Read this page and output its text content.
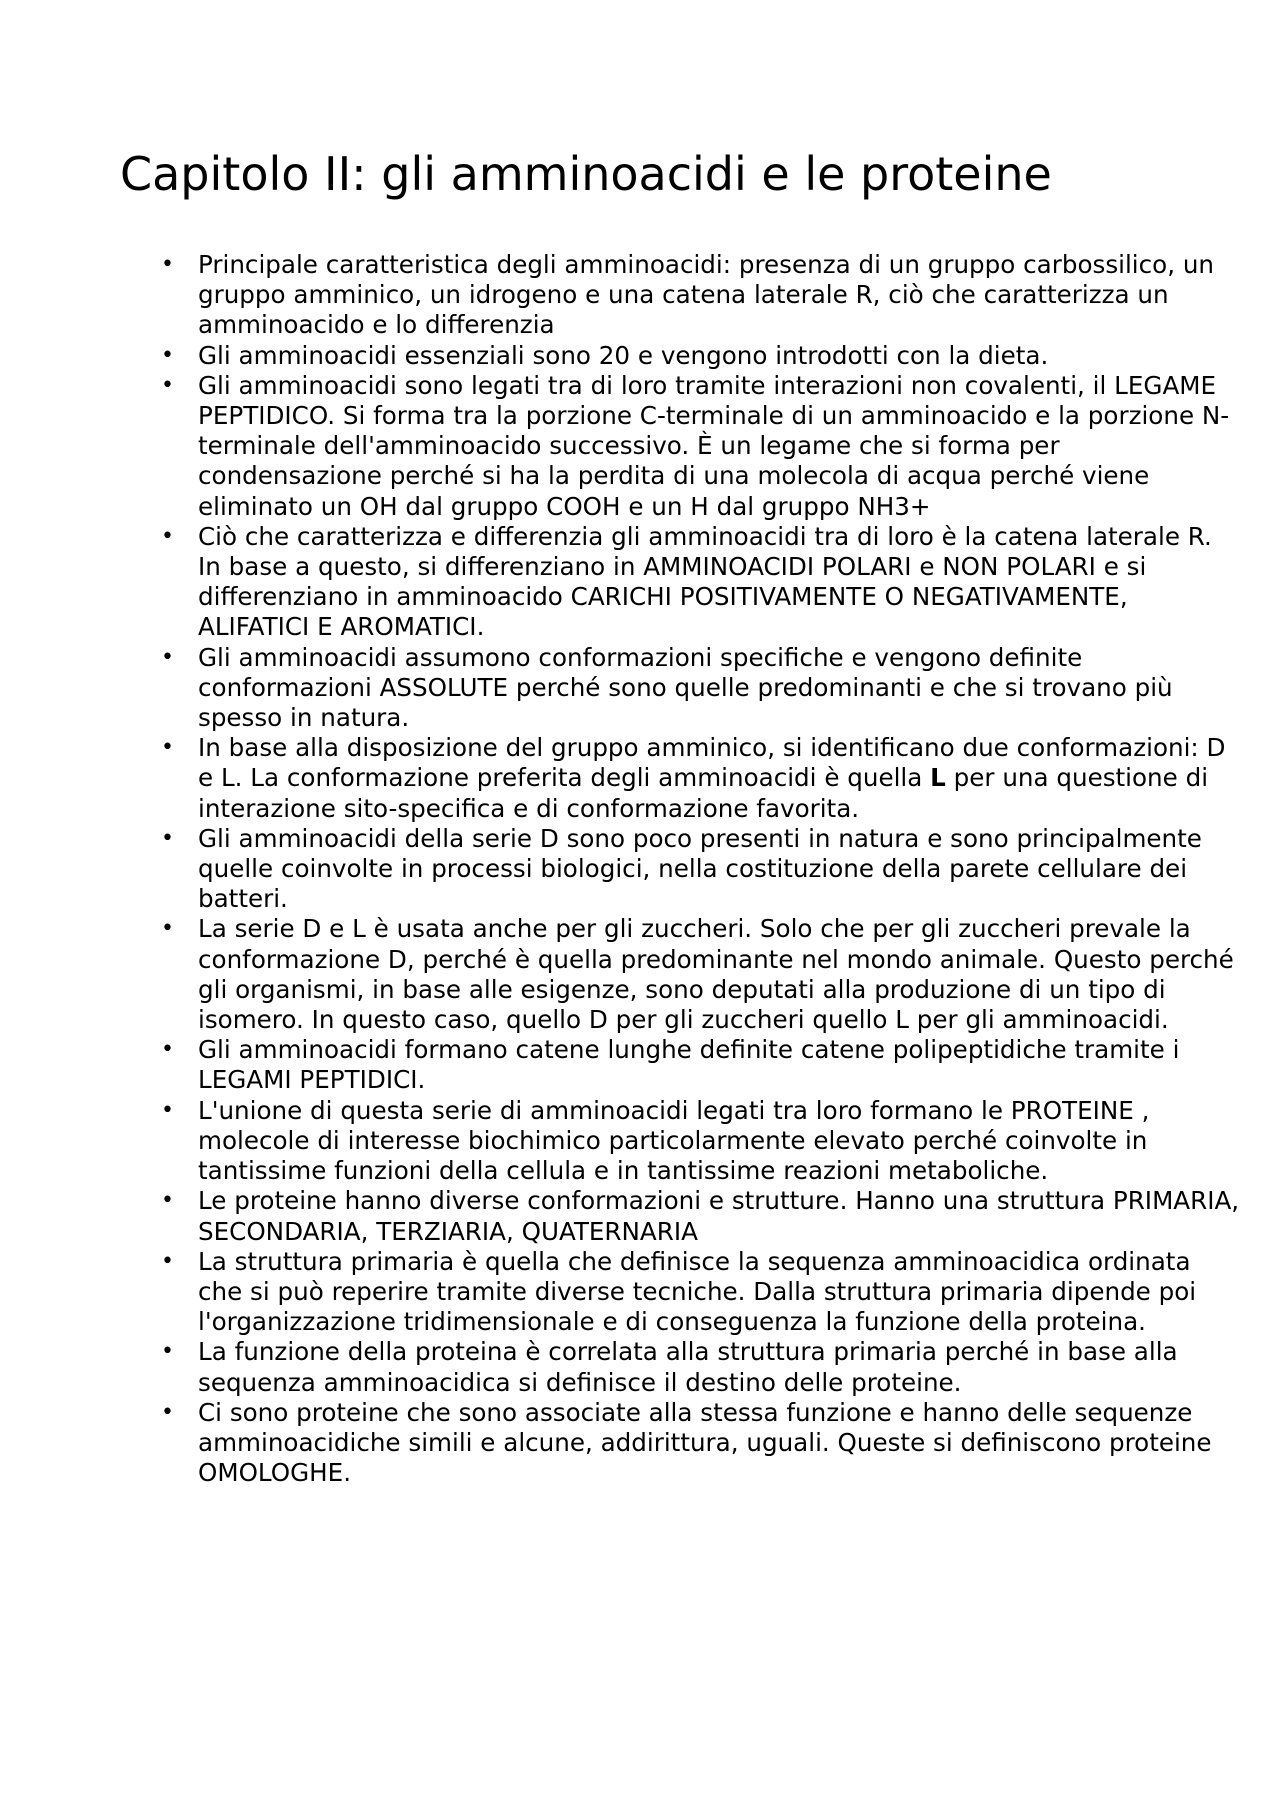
Capitolo II: gli amminoacidi e le proteine
• Principale caratteristica degli amminoacidi: presenza di un gruppo carbossilico, un gruppo amminico, un idrogeno e una catena laterale R, ciò che caratterizza un amminoacido e lo differenzia
• Gli amminoacidi essenziali sono 20 e vengono introdotti con la dieta.
• Gli amminoacidi sono legati tra di loro tramite interazioni non covalenti, il LEGAME PEPTIDICO. Si forma tra la porzione C-terminale di un amminoacido e la porzione N-terminale dell'amminoacido successivo. È un legame che si forma per condensazione perché si ha la perdita di una molecola di acqua perché viene eliminato un OH dal gruppo COOH e un H dal gruppo NH3+
• Ciò che caratterizza e differenzia gli amminoacidi tra di loro è la catena laterale R. In base a questo, si differenziano in AMMINOACIDI POLARI e NON POLARI e si differenziano in amminoacido CARICHI POSITIVAMENTE O NEGATIVAMENTE, ALIFATICI E AROMATICI.
• Gli amminoacidi assumono conformazioni specifiche e vengono definite conformazioni ASSOLUTE perché sono quelle predominanti e che si trovano più spesso in natura.
• In base alla disposizione del gruppo amminico, si identificano due conformazioni: D e L. La conformazione preferita degli amminoacidi è quella L per una questione di interazione sito-specifica e di conformazione favorita.
• Gli amminoacidi della serie D sono poco presenti in natura e sono principalmente quelle coinvolte in processi biologici, nella costituzione della parete cellulare dei batteri.
• La serie D e L è usata anche per gli zuccheri. Solo che per gli zuccheri prevale la conformazione D, perché è quella predominante nel mondo animale. Questo perché gli organismi, in base alle esigenze, sono deputati alla produzione di un tipo di isomero. In questo caso, quello D per gli zuccheri quello L per gli amminoacidi.
• Gli amminoacidi formano catene lunghe definite catene polipeptidiche tramite i LEGAMI PEPTIDICI.
• L'unione di questa serie di amminoacidi legati tra loro formano le PROTEINE , molecole di interesse biochimico particolarmente elevato perché coinvolte in tantissime funzioni della cellula e in tantissime reazioni metaboliche.
• Le proteine hanno diverse conformazioni e strutture. Hanno una struttura PRIMARIA, SECONDARIA, TERZIARIA, QUATERNARIA
• La struttura primaria è quella che definisce la sequenza amminoacidica ordinata che si può reperire tramite diverse tecniche. Dalla struttura primaria dipende poi l'organizzazione tridimensionale e di conseguenza la funzione della proteina.
• La funzione della proteina è correlata alla struttura primaria perché in base alla sequenza amminoacidica si definisce il destino delle proteine.
• Ci sono proteine che sono associate alla stessa funzione e hanno delle sequenze amminoacidiche simili e alcune, addirittura, uguali. Queste si definiscono proteine OMOLOGHE.
